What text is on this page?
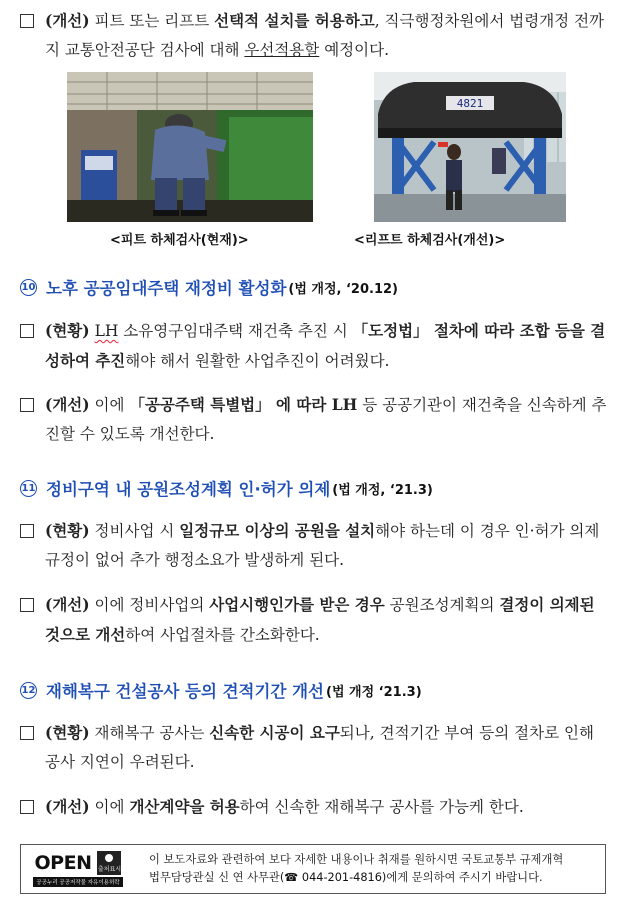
(개선) 피트 또는 리프트 선택적 설치를 허용하고, 직극행정차원에서 법령개정 전까지 교통안전공단 검사에 대해 우선적용할 예정이다.

<피트 하체검사(현재)>
4821
<리프트 하체검사(개선)>
10 노후 공공임대주택 재정비 활성화 (법 개정, ‘20.12)

(현황) LH 소유영구임대주택 재건축 추진 시 「도정법」 절차에 따라 조합 등을 결성하여 추진해야 해서 원활한 사업추진이 어려웠다.

(개선) 이에 「공공주택 특별법」 에 따라 LH 등 공공기관이 재건축을 신속하게 추진할 수 있도록 개선한다.

11 정비구역 내 공원조성계획 인·허가 의제 (법 개정, ‘21.3)

(현황) 정비사업 시 일정규모 이상의 공원을 설치해야 하는데 이 경우 인·허가 의제규정이 없어 추가 행정소요가 발생하게 된다.

(개선) 이에 정비사업의 사업시행인가를 받은 경우 공원조성계획의 결정이 의제된 것으로 개선하여 사업절차를 간소화한다.

12 재해복구 건설공사 등의 견적기간 개선 (법 개정 ‘21.3)

(현황) 재해복구 공사는 신속한 시공이 요구되나, 견적기간 부여 등의 절차로 인해 공사 지연이 우려된다.

(개선) 이에 개산계약을 허용하여 신속한 재해복구 공사를 가능케 한다.

OPEN 출처표시
공공누리 공공저작물 자유이용허락
이 보도자료와 관련하여 보다 자세한 내용이나 취재를 원하시면 국토교통부 규제개혁
법무담당관실 신 연 사무관(☎ 044-201-4816)에게 문의하여 주시기 바랍니다.
